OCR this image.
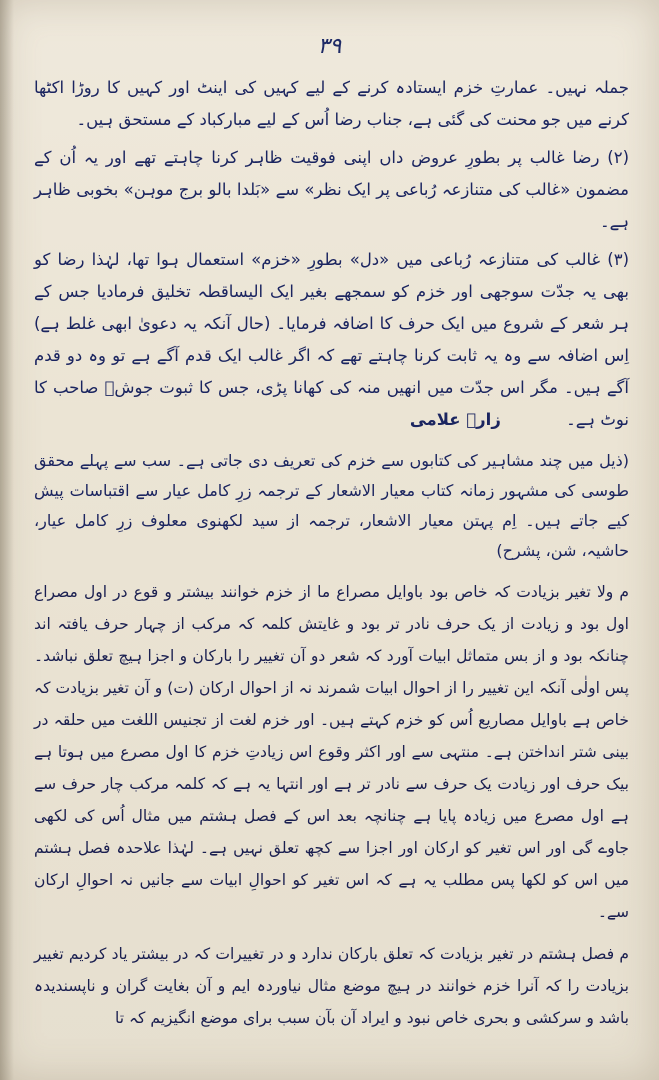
۳۹

جملہ نہیں۔ عمارتِ خزم ایستادہ کرنے کے لیے کہیں کی اینٹ اور کہیں کا روڑا اکٹھا کرنے میں جو محنت کی گئی ہے، جناب رضا اُس کے لیے مبارکباد کے مستحق ہیں۔

(۲) رضا غالب پر بطورِ عروض داں اپنی فوقیت ظاہر کرنا چاہتے تھے اور یہ اُن کے مضمون «غالب کی متنازعہ رُباعی پر ایک نظر» سے «بَلدا بالو برج موہن» بخوبی ظاہر ہے۔

(۳) غالب کی متنازعہ رُباعی میں «دل» بطورِ «خزم» استعمال ہوا تھا، لہٰذا رضا کو بھی یہ جدّت سوجھی اور خزم کو سمجھے بغیر ایک الیساقطہ تخلیق فرمادیا جس کے ہر شعر کے شروع میں ایک حرف کا اضافہ فرمایا۔ (حال آنکہ یہ دعویٰ ابھی غلط ہے) اِس اضافہ سے وہ یہ ثابت کرنا چاہتے تھے کہ اگر غالب ایک قدم آگے ہے تو وہ دو قدم آگے ہیں۔ مگر اس جدّت میں انھیں منہ کی کھانا پڑی، جس کا ثبوت جوشؔ صاحب کا نوٹ ہے۔ زارؔ علامی

(ذیل میں چند مشاہیر کی کتابوں سے خزم کی تعریف دی جاتی ہے۔ سب سے پہلے محقق طوسی کی مشہور زمانہ کتاب معیار الاشعار کے ترجمہ زرِ کامل عیار سے اقتباسات پیش کیے جاتے ہیں۔ اِم پہتن معیار الاشعار، ترجمہ از سید لکھنوی معلوف زرِ کامل عیار، حاشیہ، شن، پشرح)

م ولا تغیر بزیادت کہ خاص بود باوایل مصراع ما از خزم خوانند بیشتر و قوع در اول مصراع اول بود و زیادت از یک حرف نادر تر بود و غایتش کلمہ کہ مرکب از چہار حرف یافتہ اند چنانکہ بود و از بس متماثل ابیات آورد کہ شعر دو آن تغییر را بارکان و اجزا ہیچ تعلق نباشد۔ پس اولٰی آنکہ این تغییر را از احوال ابیات شمرند نہ از احوال ارکان (ت) و آن تغیر بزیادت کہ خاص ہے باوایل مصاریع اُس کو خزم کہتے ہیں۔ اور خزم لغت از تجنیس اللغت میں حلقہ در بینی شتر انداختن ہے۔ منتہی سے اور اکثر وقوع اس زیادتِ خزم کا اول مصرع میں ہوتا ہے بیک حرف اور زیادت یک حرف سے نادر تر ہے اور انتہا یہ ہے کہ کلمہ مرکب چار حرف سے ہے اول مصرع میں زیادہ پایا ہے چنانچہ بعد اس کے فصل ہشتم میں مثال اُس کی لکھی جاوے گی اور اس تغیر کو ارکان اور اجزا سے کچھ تعلق نہیں ہے۔ لہٰذا علاحدہ فصل ہشتم میں اس کو لکھا پس مطلب یہ ہے کہ اس تغیر کو احوالِ ابیات سے جانیں نہ احوالِ ارکان سے۔

م فصل ہشتم در تغیر بزیادت کہ تعلق بارکان ندارد و در تغییرات کہ در بیشتر یاد کردیم تغییر بزیادت را کہ آنرا خزم خوانند در ہیچ موضع مثال نیاوردہ ایم و آن بغایت گران و ناپسندیدہ باشد و سرکشی و بحری خاص نبود و ایراد آن بآن سبب برای موضع انگیزیم کہ تا
